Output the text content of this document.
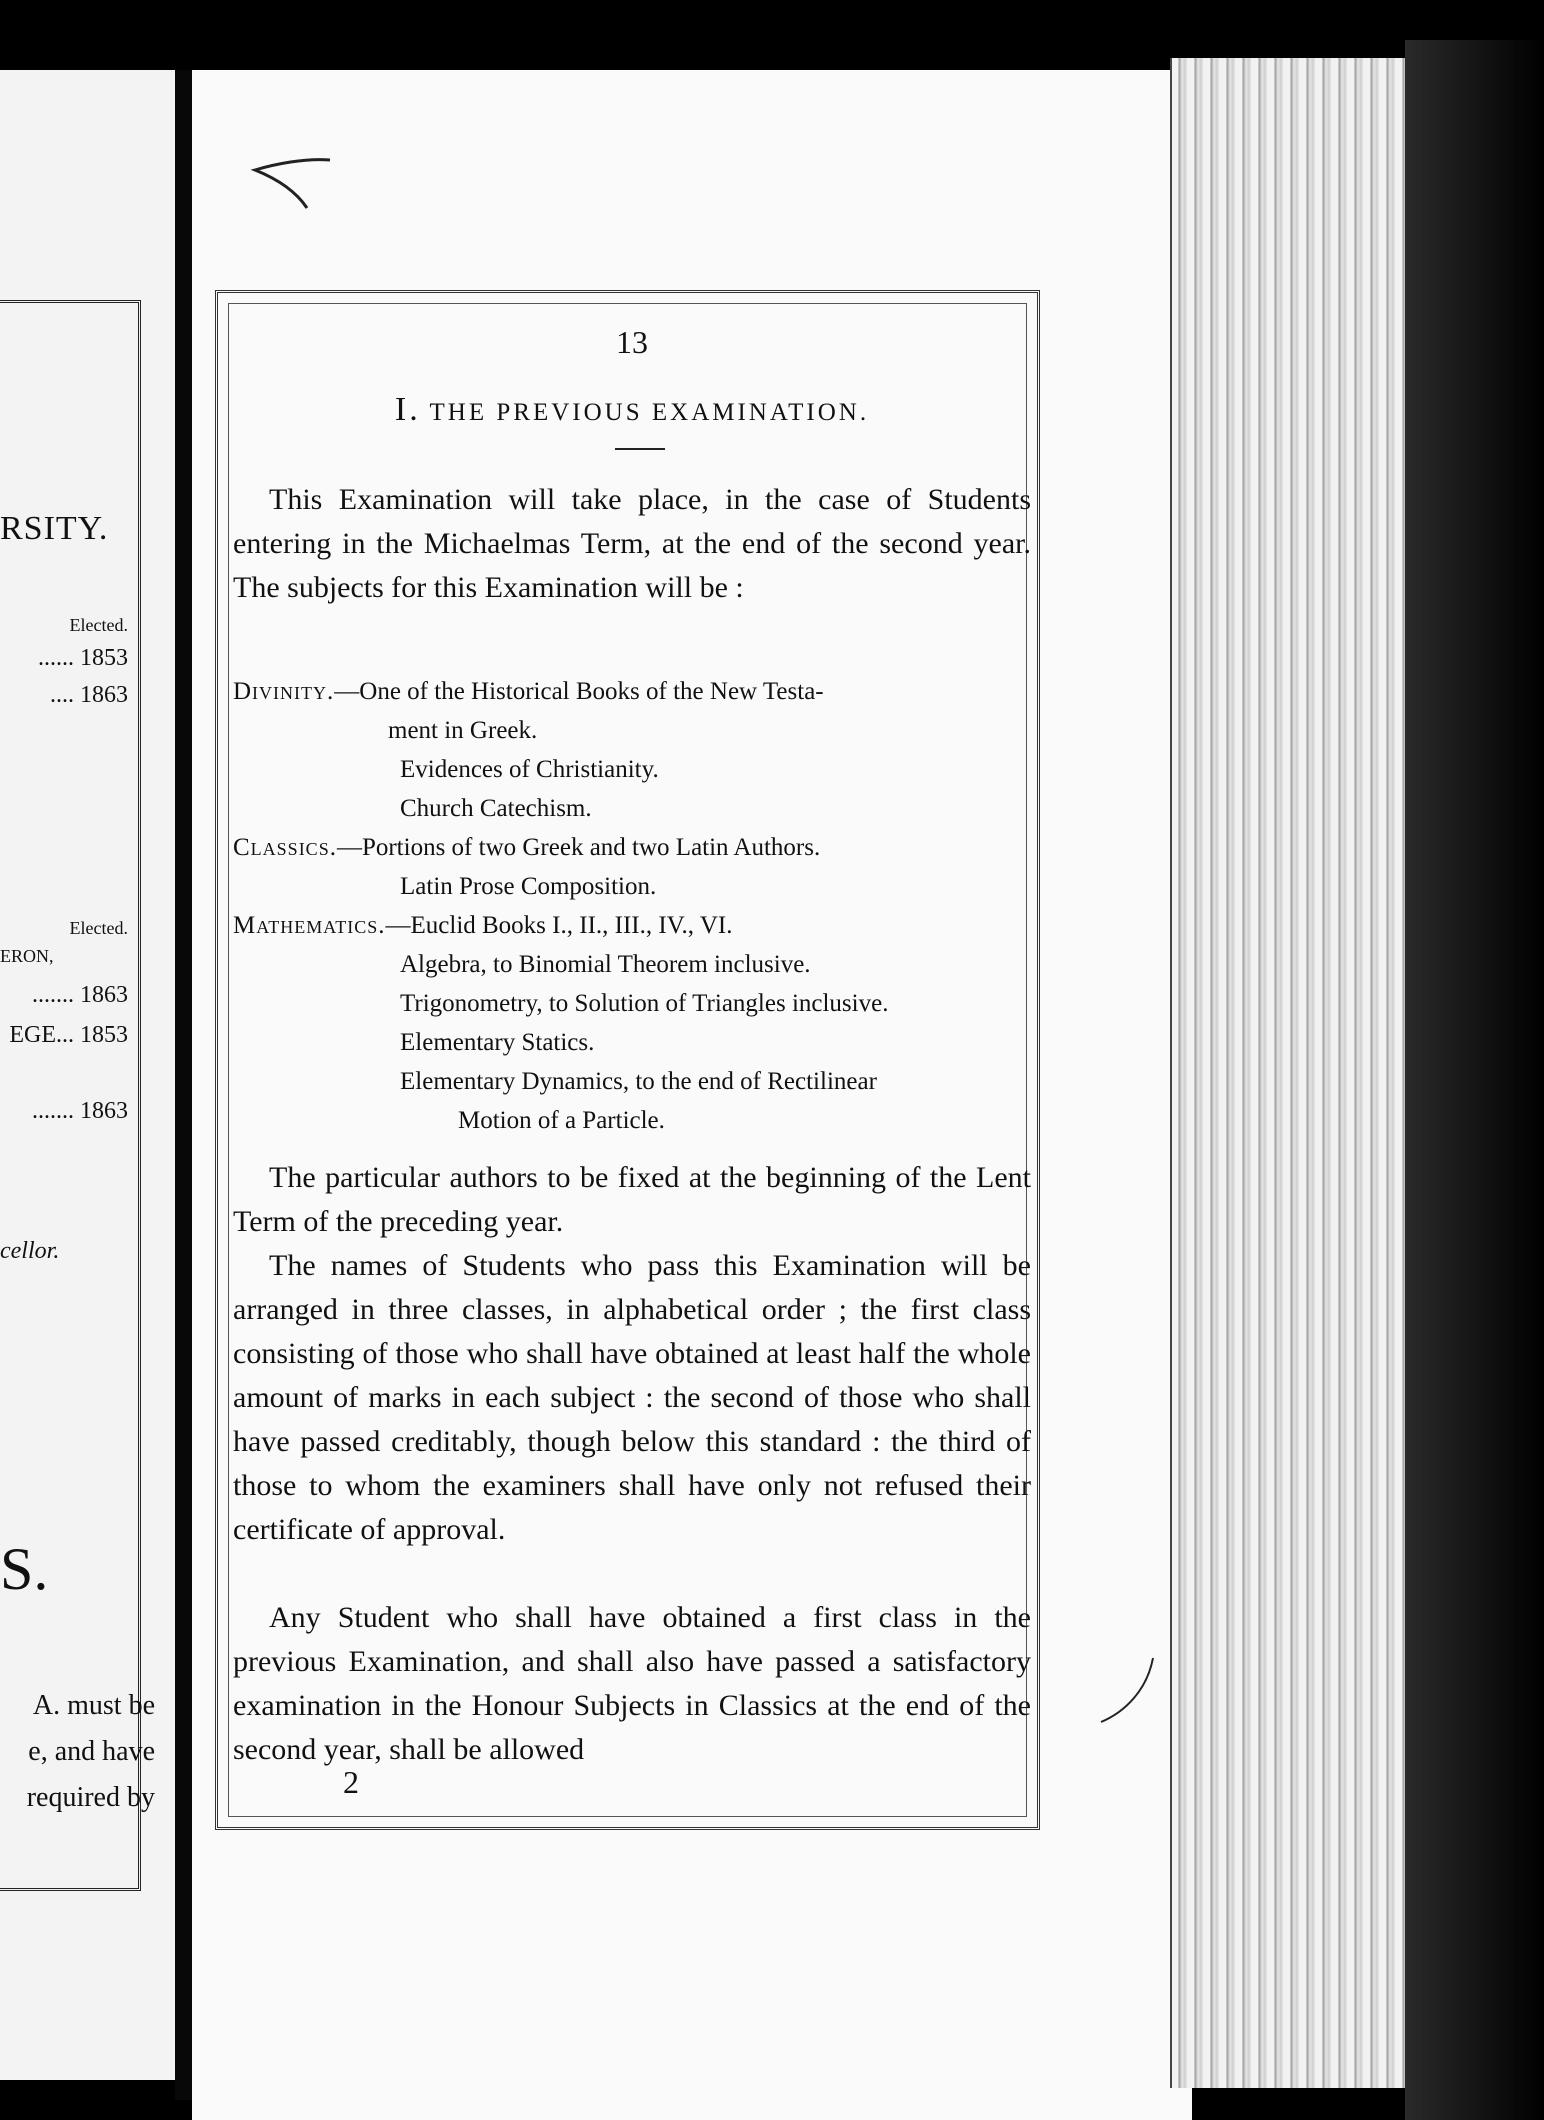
RSITY.
Elected.
...... 1853
.... 1863
Elected.
ERON,
....... 1863
EGE... 1853
....... 1863
cellor.
S.
A. must be
e, and have
required by
13
I. THE PREVIOUS EXAMINATION.
This Examination will take place, in the case of Students entering in the Michaelmas Term, at the end of the second year. The subjects for this Examination will be :
Divinity.—One of the Historical Books of the New Testa-
ment in Greek.
Evidences of Christianity.
Church Catechism.
Classics.—Portions of two Greek and two Latin Authors.
Latin Prose Composition.
Mathematics.—Euclid Books I., II., III., IV., VI.
Algebra, to Binomial Theorem inclusive.
Trigonometry, to Solution of Triangles inclusive.
Elementary Statics.
Elementary Dynamics, to the end of Rectilinear
Motion of a Particle.
The particular authors to be fixed at the beginning of the Lent Term of the preceding year.
The names of Students who pass this Examination will be arranged in three classes, in alphabetical order ; the first class consisting of those who shall have obtained at least half the whole amount of marks in each subject : the second of those who shall have passed creditably, though below this standard : the third of those to whom the examiners shall have only not refused their certificate of approval.
Any Student who shall have obtained a first class in the previous Examination, and shall also have passed a satisfactory examination in the Honour Subjects in Classics at the end of the second year, shall be allowed
2
